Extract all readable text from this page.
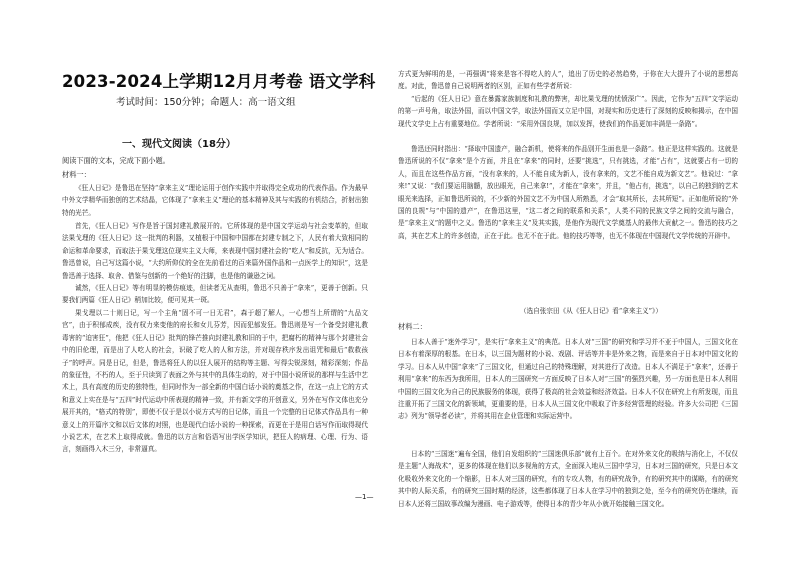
2023-2024上学期12月月考卷 语文学科
考试时间：150分钟；命题人：高一语文组
一、现代文阅读（18分）
阅读下面的文本，完成下面小题。
材料一：
《狂人日记》是鲁迅在坚持“拿来主义”理论运用于创作实践中并取得完全成功的代表作品。作为最早中外文学精华而独创的艺术结晶，它体现了“拿来主义”理论的基本精神及其与实践的有机结合，折射出独特的光芒。
首先，《狂人日记》写作是旨于国封建礼教展开的。它所体现的是中国文学运动与社会变革的，但取法果戈理的《狂人日记》这一批判的利器，又植根于中国和中国都在封建专制之下，人民有着大致相同的命运和革命要求，而取法于果戈理这位现实主义大师，来表现中国封建社会的“吃人”和反抗，无为适合。鲁迅曾说，自己写这篇小说，“大约所仰仗的全在先前看过的百来篇外国作品和一点医学上的知识”，这是鲁迅善于选择、取舍、借鉴与创新的一个绝好的注脚，也是他的谦逊之词。
诚然，《狂人日记》等有明显的模仿痕迹，但读者无从查明，鲁迅不只善于“拿来”，更善于创新。只要我们两篇《狂人日记》稍加比较，便可见其一斑。
果戈理以二十则日记，写一个主角“固不可一日无君”，森于超了解人，一心想当上所谓的“九品文官”，由于积郁成疾，没有权力来变他的府长和女儿芬芳，因而犯郁发狂。鲁迅则是写一个备受封建礼教毒害的“迫害狂”，他把《狂人日记》批判的锋芒推向封建礼教和旧的于中，把腐朽的精神与那个封建社会中的旧伦理，而是出了人吃人的社会，识破了吃人的人和方法，并对现存秩序发出诅咒和最后“救救孩子”的呼声。同是日记，但是，鲁迅将狂人的以狂人展开的结构等主题、写得尖锐深刻，精彩深刻；作品的象征性，不朽的人，至于只读到了表面之外与其中的具体生动的，对于中国小说所说的那样与生活中艺术上，具有高度的历史的独特性，但同时作为一部全新的中国白话小说的奠基之作，在这一点上它的方式和意义上实在是与“五四”时代运动中所表现的精神一致，并有新文学的开创意义，另外在写作文体也充分展开其的，“格式的特别”，即使不仅于是以小说方式写的日记体，而且一个完整的日记体式作品具有一种意义上的开篇序文和以后文体的对照，也是现代白话小说的一种探索，而更在于是用白话写作而取得现代小说艺术，在艺术上取得成就。鲁迅的以方言和俗语写出学医学知识，把狂人的病理、心理、行为、语言，刻画得入木三分，非常逼真。
方式更为鲜明的是，一再强调“将来是容不得吃人的人”，追出了历史的必然趋势，于你在大大提升了小说的思想高度。对此，鲁迅曾自己说明两者的区别，正如有些学者所说：
“后起的《狂人日记》意在暴露家族制度和礼教的弊害，却比果戈理的忧愤深广”。因此，它作为“五四”文学运动的第一声号角，取法外国，而以中国文学，取法外国而又立足中国，对现实和历史进行了深刻的反映和揭示，在中国现代文学史上占有重要地位。学者所说：“采用外国良规，加以发挥，使我们的作品更加丰满是一条路”。
鲁迅还同时指出：“择取中国遗产，融合新机，使将来的作品别开生面也是一条路”。他正是这样实践的。这就是鲁迅所说的不仅“拿来”是个方面，并且在“拿来”的同时，还要“挑选”，只有挑选，才能“占有”，这就要占有一切的人，而且在这些作品方面，“没有拿来的，人不能自成为新人，没有拿来的，文艺不能自成为新文艺”。他说过：“拿来!”又说：“我们要运用脑髓，放出眼光，自己来拿!”，才能在“拿来”，并且，“他占有，挑选”，以自己的独到的艺术眼光来选择，正如鲁迅所说的，不少新的外国文艺不为中国人所熟悉，才会“取其所长，去其所短”。正如他所说的“外国的良规”与“中国的遗产”，在鲁迅这里，“这二者之间的联系和关系”，人类不同的民族文学之间的交流与融合，是“拿来主义”的题中之义。鲁迅的“拿来主义”及其实践，是他作为现代文学奠基人的最伟大贡献之一。鲁迅的技巧之高，其在艺术上的许多创造，正在于此。也无不在于此。他的技巧等等，也无不体现在中国现代文学传统的开辟中。
（选自张宗田《从《狂人日记》看“拿来主义”》）
材料二：
日本人善于“迷外学习”，是实行“拿来主义”的典范。日本人对“三国”的研究和学习并不亚于中国人，三国文化在日本有着深厚的根基。在日本，以三国为题材的小说、戏剧、评话等并非是外来之物，而是来自于日本对中国文化的学习。日本人从中国“拿来”了三国文化，但通过自己的特殊理解，对其进行了改造。日本人不满足于“拿来”，还善于利用“拿来”的东西为我所用，日本人的三国研究一方面反映了日本人对“三国”的强烈兴趣，另一方面也是日本人利用中国的三国文化为自己的民族服务的体现，获得了极高的社会效益和经济效益。日本人不仅在研究上有所发现，而且注重开拓了三国文化的新领域，更重要的是，日本人从三国文化中吸取了许多经营管理的经验。许多大公司把《三国志》列为“领导者必读”，并将其用在企业管理和实际运营中。
日本的“三国迷”遍布全国，他们自发组织的“三国迷俱乐部”就有上百个。在对外来文化的吸纳与消化上，不仅仅是主题“人海战术”，更多的体现在他们以多视角的方式，全面深入地从三国中学习，日本对三国的研究，只是日本文化吸收外来文化的一个缩影，日本人对三国的研究，有的专攻人物，有的研究战争，有的研究其中的谋略，有的研究其中的人际关系，有的研究三国时期的经济，这些都体现了日本人在学习中的独到之处，至今有的研究仍在继续，而日本人还将三国故事改编为漫画、电子游戏等，使得日本的青少年从小就开始接触三国文化。
—1—
